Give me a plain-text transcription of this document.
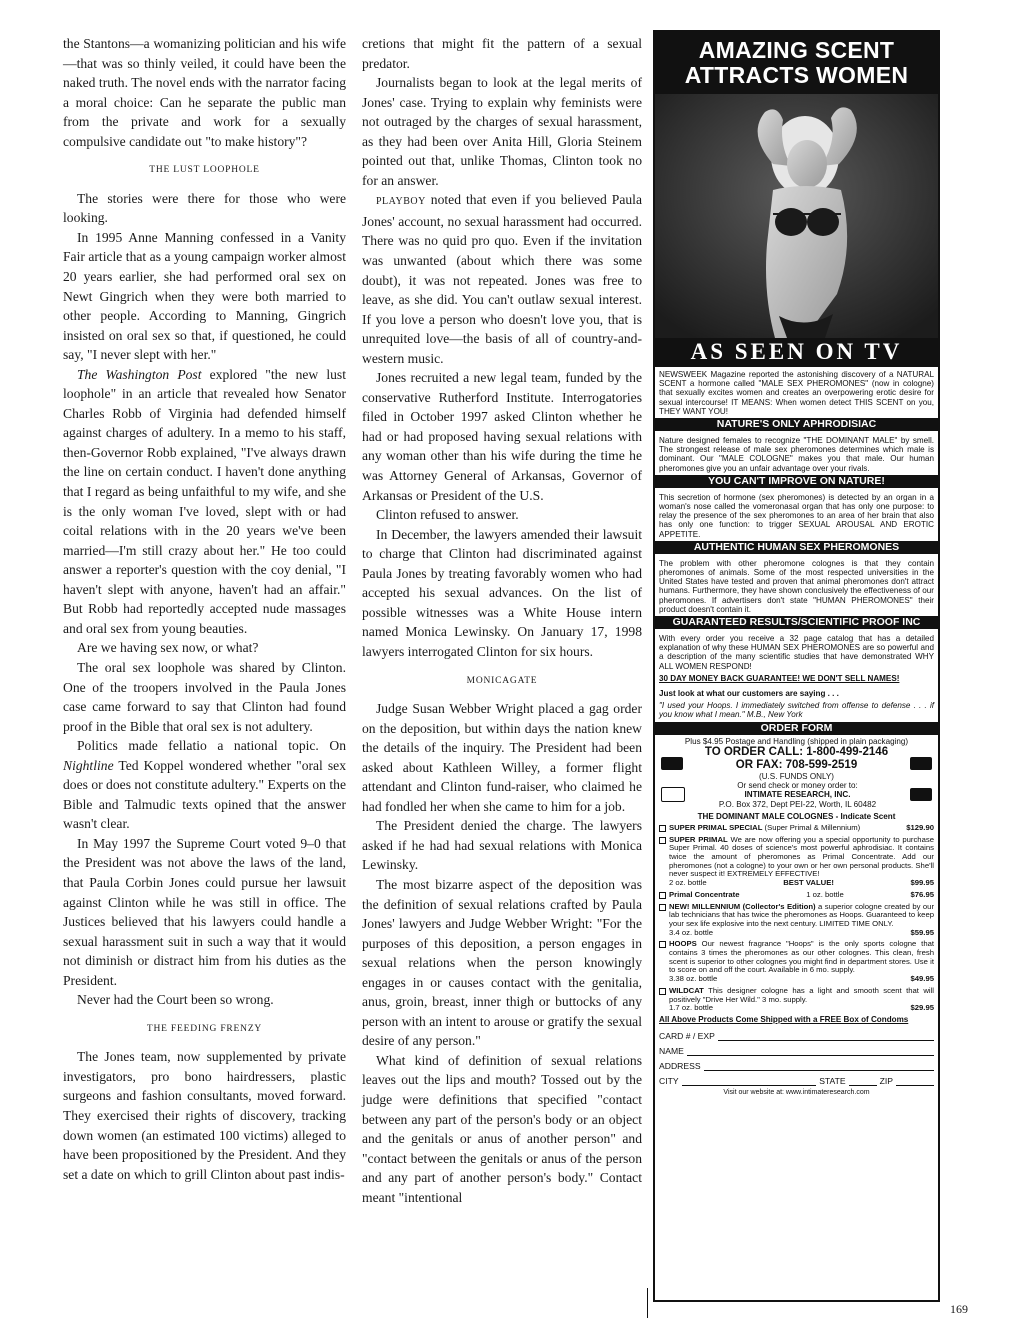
the Stantons—a womanizing politician and his wife—that was so thinly veiled, it could have been the naked truth. The novel ends with the narrator facing a moral choice: Can he separate the public man from the private and work for a sexually compulsive candidate out "to make history"?

THE LUST LOOPHOLE

The stories were there for those who were looking.

In 1995 Anne Manning confessed in a Vanity Fair article that as a young campaign worker almost 20 years earlier, she had performed oral sex on Newt Gingrich when they were both married to other people. According to Manning, Gingrich insisted on oral sex so that, if questioned, he could say, "I never slept with her."

The Washington Post explored "the new lust loophole" in an article that revealed how Senator Charles Robb of Virginia had defended himself against charges of adultery. In a memo to his staff, then-Governor Robb explained, "I've always drawn the line on certain conduct. I haven't done anything that I regard as being unfaithful to my wife, and she is the only woman I've loved, slept with or had coital relations with in the 20 years we've been married—I'm still crazy about her." He too could answer a reporter's question with the coy denial, "I haven't slept with anyone, haven't had an affair." But Robb had reportedly accepted nude massages and oral sex from young beauties.

Are we having sex now, or what?

The oral sex loophole was shared by Clinton. One of the troopers involved in the Paula Jones case came forward to say that Clinton had found proof in the Bible that oral sex is not adultery.

Politics made fellatio a national topic. On Nightline Ted Koppel wondered whether "oral sex does or does not constitute adultery." Experts on the Bible and Talmudic texts opined that the answer wasn't clear.

In May 1997 the Supreme Court voted 9–0 that the President was not above the laws of the land, that Paula Corbin Jones could pursue her lawsuit against Clinton while he was still in office. The Justices believed that his lawyers could handle a sexual harassment suit in such a way that it would not diminish or distract him from his duties as the President.

Never had the Court been so wrong.

THE FEEDING FRENZY

The Jones team, now supplemented by private investigators, pro bono hairdressers, plastic surgeons and fashion consultants, moved forward. They exercised their rights of discovery, tracking down women (an estimated 100 victims) alleged to have been propositioned by the President. And they set a date on which to grill Clinton about past indis-

cretions that might fit the pattern of a sexual predator.

Journalists began to look at the legal merits of Jones' case. Trying to explain why feminists were not outraged by the charges of sexual harassment, as they had been over Anita Hill, Gloria Steinem pointed out that, unlike Thomas, Clinton took no for an answer.

PLAYBOY noted that even if you believed Paula Jones' account, no sexual harassment had occurred. There was no quid pro quo. Even if the invitation was unwanted (about which there was some doubt), it was not repeated. Jones was free to leave, as she did. You can't outlaw sexual interest. If you love a person who doesn't love you, that is unrequited love—the basis of all of country-and-western music.

Jones recruited a new legal team, funded by the conservative Rutherford Institute. Interrogatories filed in October 1997 asked Clinton whether he had or had proposed having sexual relations with any woman other than his wife during the time he was Attorney General of Arkansas, Governor of Arkansas or President of the U.S.

Clinton refused to answer.

In December, the lawyers amended their lawsuit to charge that Clinton had discriminated against Paula Jones by treating favorably women who had accepted his sexual advances. On the list of possible witnesses was a White House intern named Monica Lewinsky. On January 17, 1998 lawyers interrogated Clinton for six hours.

MONICAGATE

Judge Susan Webber Wright placed a gag order on the deposition, but within days the nation knew the details of the inquiry. The President had been asked about Kathleen Willey, a former flight attendant and Clinton fund-raiser, who claimed he had fondled her when she came to him for a job.

The President denied the charge. The lawyers asked if he had had sexual relations with Monica Lewinsky.

The most bizarre aspect of the deposition was the definition of sexual relations crafted by Paula Jones' lawyers and Judge Webber Wright: "For the purposes of this deposition, a person engages in sexual relations when the person knowingly engages in or causes contact with the genitalia, anus, groin, breast, inner thigh or buttocks of any person with an intent to arouse or gratify the sexual desire of any person."

What kind of definition of sexual relations leaves out the lips and mouth? Tossed out by the judge were definitions that specified "contact between any part of the person's body or an object and the genitals or anus of another person" and "contact between the genitals or anus of the person and any part of another person's body." Contact meant "intentional

AMAZING SCENT
ATTRACTS WOMEN
AS SEEN ON TV
NEWSWEEK Magazine reported the astonishing discovery of a NATURAL SCENT a hormone called "MALE SEX PHEROMONES" (now in cologne) that sexually excites women and creates an overpowering erotic desire for sexual intercourse! IT MEANS: When women detect THIS SCENT on you, THEY WANT YOU!
NATURE'S ONLY APHRODISIAC
Nature designed females to recognize "THE DOMINANT MALE" by smell. The strongest release of male sex pheromones determines which male is dominant. Our "MALE COLOGNE" makes you that male. Our human pheromones give you an unfair advantage over your rivals.
YOU CAN'T IMPROVE ON NATURE!
This secretion of hormone (sex pheromones) is detected by an organ in a woman's nose called the vomeronasal organ that has only one purpose: to relay the presence of the sex pheromones to an area of her brain that also has only one function: to trigger SEXUAL AROUSAL AND EROTIC APPETITE.
AUTHENTIC HUMAN SEX PHEROMONES
The problem with other pheromone colognes is that they contain pheromones of animals. Some of the most respected universities in the United States have tested and proven that animal pheromones don't attract humans. Furthermore, they have shown conclusively the effectiveness of our pheromones. If advertisers don't state "HUMAN PHEROMONES" their product doesn't contain it.
GUARANTEED RESULTS/SCIENTIFIC PROOF INC
With every order you receive a 32 page catalog that has a detailed explanation of why these HUMAN SEX PHEROMONES are so powerful and a description of the many scientific studies that have demonstrated WHY ALL WOMEN RESPOND!
30 DAY MONEY BACK GUARANTEE! WE DON'T SELL NAMES!
Just look at what our customers are saying . . .
"I used your Hoops. I immediately switched from offense to defense . . . if you know what I mean." M.B., New York
ORDER FORM
Plus $4.95 Postage and Handling (shipped in plain packaging)
TO ORDER CALL: 1-800-499-2146
OR FAX: 708-599-2519
(U.S. FUNDS ONLY)
Or send check or money order to:
INTIMATE RESEARCH, INC.
P.O. Box 372, Dept PEI-22, Worth, IL 60482
THE DOMINANT MALE COLOGNES - Indicate Scent
SUPER PRIMAL SPECIAL (Super Primal & Millennium)	$129.90
SUPER PRIMAL We are now offering you a special opportunity to purchase Super Primal. 40 doses of science's most powerful aphrodisiac. It contains twice the amount of pheromones as Primal Concentrate. Add our pheromones (not a cologne) to your own or her own personal products. She'll never suspect it! EXTREMELY EFFECTIVE!
2 oz. bottle	BEST VALUE!	$99.95
Primal Concentrate	1 oz. bottle	$76.95
NEW! MILLENNIUM (Collector's Edition) a superior cologne created by our lab technicians that has twice the pheromones as Hoops. Guaranteed to keep your sex life explosive into the next century. LIMITED TIME ONLY.
3.4 oz. bottle	$59.95
HOOPS Our newest fragrance "Hoops" is the only sports cologne that contains 3 times the pheromones as our other colognes. This clean, fresh scent is superior to other colognes you might find in department stores. Use it to score on and off the court. Available in 6 mo. supply.
3.38 oz. bottle	$49.95
WILDCAT This designer cologne has a light and smooth scent that will positively "Drive Her Wild." 3 mo. supply.
1.7 oz. bottle	$29.95
All Above Products Come Shipped with a FREE Box of Condoms
CARD # / EXP
NAME
ADDRESS
CITY	STATE	ZIP
Visit our website at: www.intimateresearch.com
169
